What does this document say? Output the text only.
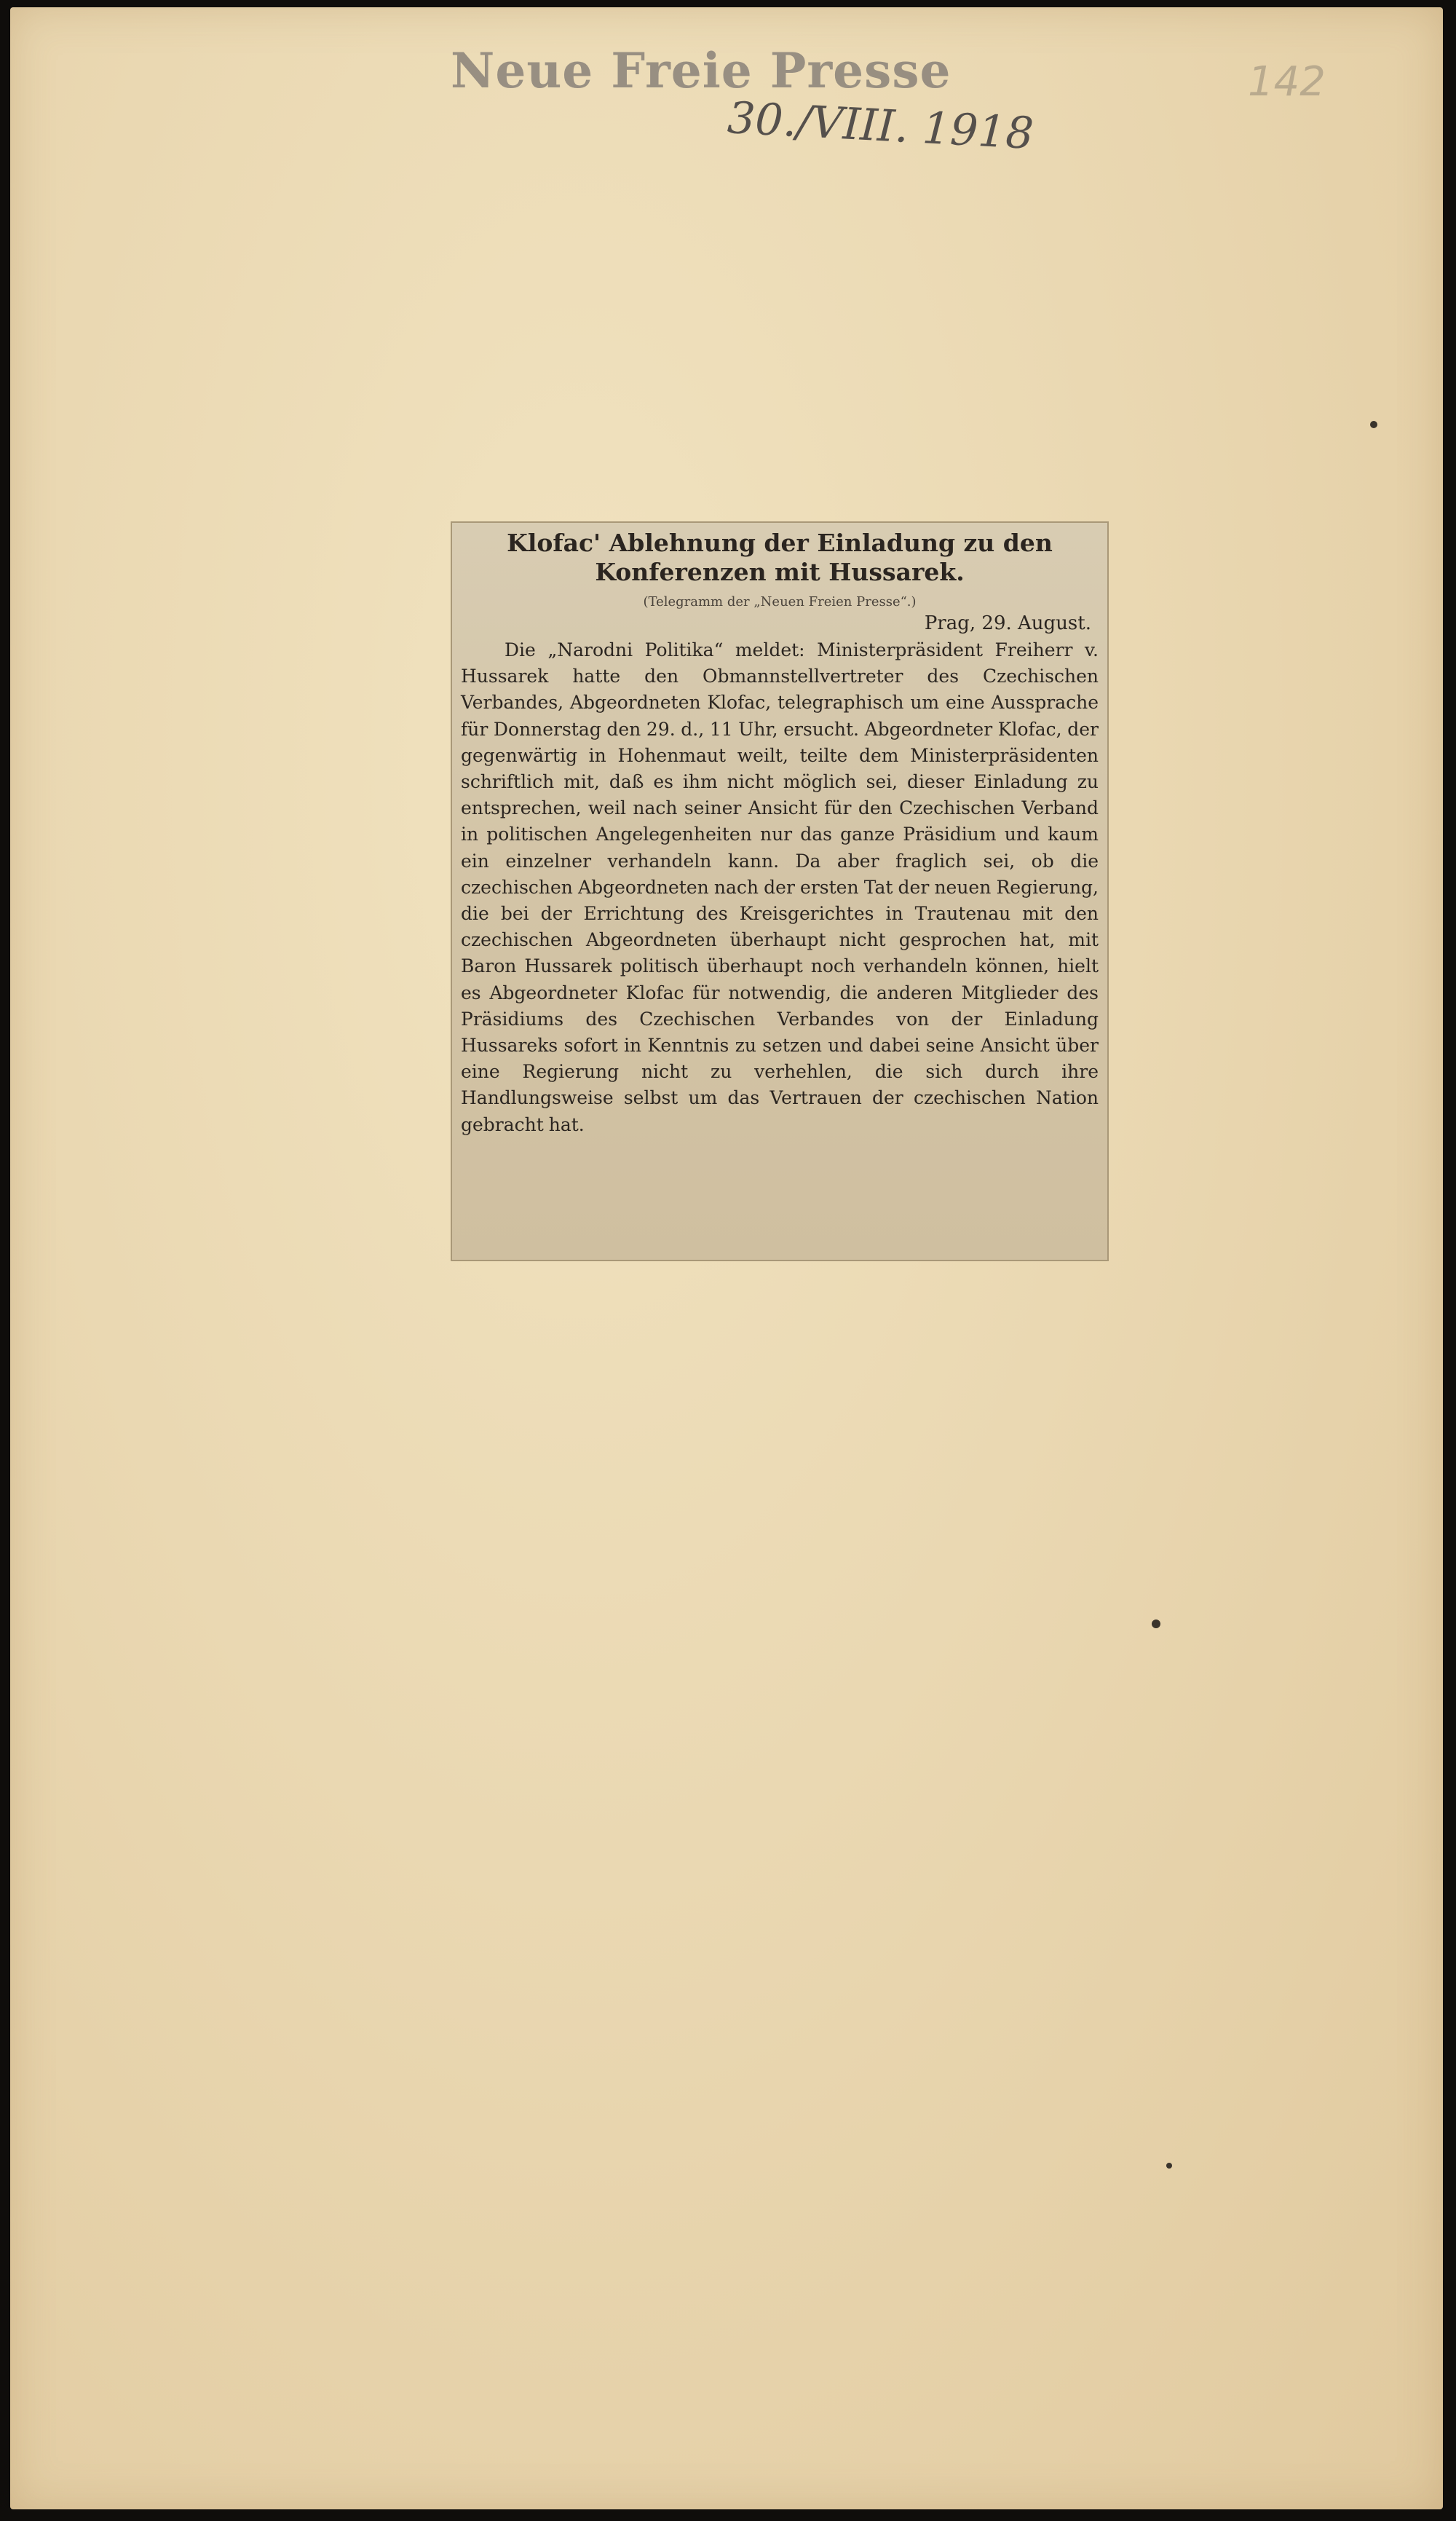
Neue Freie Presse
30./VIII. 1918
142
Klofac' Ablehnung der Einladung zu den Konferenzen mit Hussarek.
(Telegramm der „Neuen Freien Presse“.)
Prag, 29. August.

Die „Narodni Politika“ meldet: Ministerpräsident Freiherr v. Hussarek hatte den Obmannstellvertreter des Czechischen Verbandes, Abgeordneten Klofac, telegraphisch um eine Aussprache für Donnerstag den 29. d., 11 Uhr, ersucht. Abgeordneter Klofac, der gegenwärtig in Hohenmaut weilt, teilte dem Ministerpräsidenten schriftlich mit, daß es ihm nicht möglich sei, dieser Einladung zu entsprechen, weil nach seiner Ansicht für den Czechischen Verband in politischen Angelegenheiten nur das ganze Präsidium und kaum ein einzelner verhandeln kann. Da aber fraglich sei, ob die czechischen Abgeordneten nach der ersten Tat der neuen Regierung, die bei der Errichtung des Kreisgerichtes in Trautenau mit den czechischen Abgeordneten überhaupt nicht gesprochen hat, mit Baron Hussarek politisch überhaupt noch verhandeln können, hielt es Abgeordneter Klofac für notwendig, die anderen Mitglieder des Präsidiums des Czechischen Verbandes von der Einladung Hussareks sofort in Kenntnis zu setzen und dabei seine Ansicht über eine Regierung nicht zu verhehlen, die sich durch ihre Handlungsweise selbst um das Vertrauen der czechischen Nation gebracht hat.
